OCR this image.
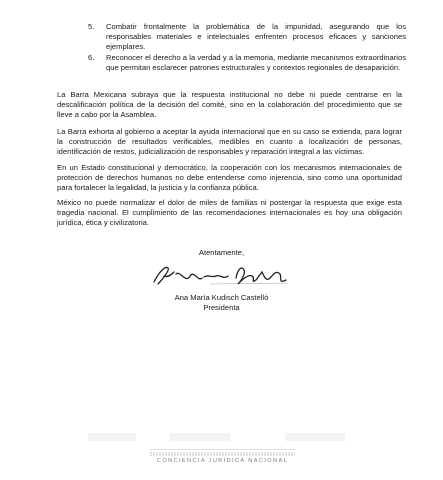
5. Combatir frontalmente la problemática de la impunidad, asegurando que los responsables materiales e intelectuales enfrenten procesos eficaces y sanciones ejemplares.
6. Reconocer el derecho a la verdad y a la memoria, mediante mecanismos extraordinarios que permitan esclarecer patrones estructurales y contextos regionales de desaparición.
La Barra Mexicana subraya que la respuesta institucional no debe ni puede centrarse en la descalificación política de la decisión del comité, sino en la colaboración del procedimiento que se lleve a cabo por la Asamblea.
La Barra exhorta al gobierno a aceptar la ayuda internacional que en su caso se extienda, para lograr la construcción de resultados verificables, medibles en cuanto a localización de personas, identificación de restos, judicialización de responsables y reparación integral a las víctimas.
En un Estado constitucional y democrático, la cooperación con los mecanismos internacionales de protección de derechos humanos no debe entenderse como injerencia, sino como una oportunidad para fortalecer la legalidad, la justicia y la confianza pública.
México no puede normalizar el dolor de miles de familias ni postergar la respuesta que exige esta tragedia nacional. El cumplimiento de las recomendaciones internacionales es hoy una obligación jurídica, ética y civilizatoria.
Atentamente,
Ana María Kudisch Castelló
Presidenta
CONCIENCIA JURÍDICA NACIONAL
